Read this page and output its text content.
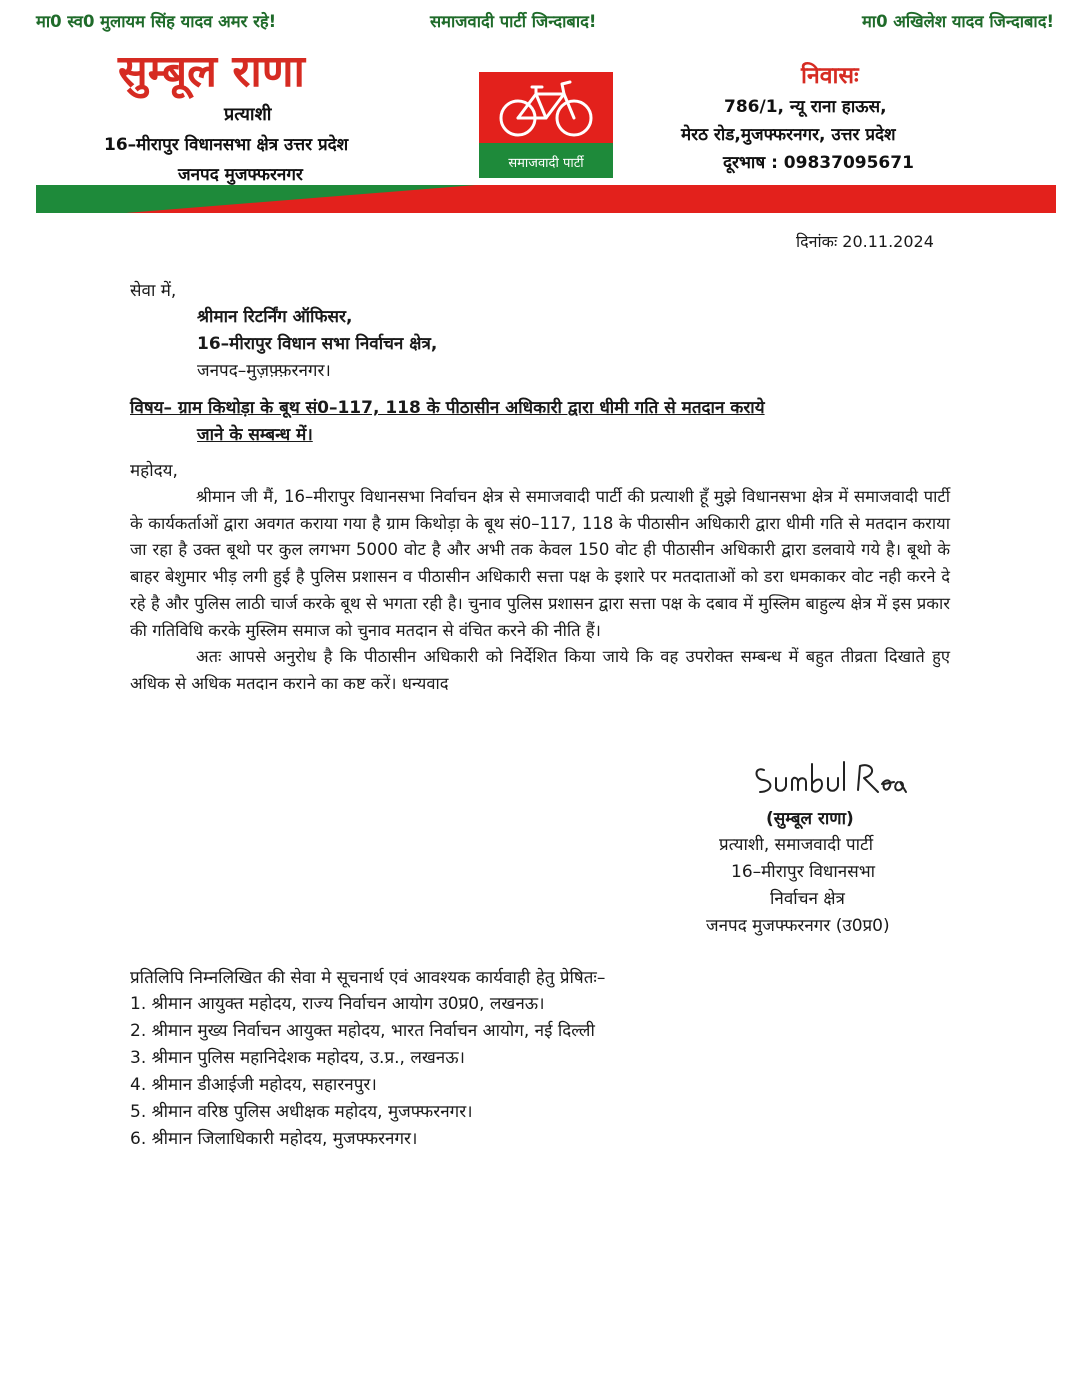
मा0 स्व0 मुलायम सिंह यादव अमर रहे!	समाजवादी पार्टी जिन्दाबाद!	मा0 अखिलेश यादव जिन्दाबाद!
सुम्बूल राणा
प्रत्याशी
16–मीरापुर विधानसभा क्षेत्र उत्तर प्रदेश
जनपद मुजफ्फरनगर
समाजवादी पार्टी
निवासः
786/1, न्यू राना हाऊस,
मेरठ रोड,मुजफ्फरनगर, उत्तर प्रदेश
दूरभाष : 09837095671
दिनांकः 20.11.2024
सेवा में,
श्रीमान रिटर्निंग ऑफिसर,
16–मीरापुर विधान सभा निर्वाचन क्षेत्र,
जनपद–मुज़फ़्फ़रनगर।
विषय– ग्राम किथोड़ा के बूथ सं0–117, 118 के पीठासीन अधिकारी द्वारा धीमी गति से मतदान कराये
जाने के सम्बन्ध में।
महोदय,

श्रीमान जी मैं, 16–मीरापुर विधानसभा निर्वाचन क्षेत्र से समाजवादी पार्टी की प्रत्याशी हूँ मुझे विधानसभा क्षेत्र में समाजवादी पार्टी के कार्यकर्ताओं द्वारा अवगत कराया गया है ग्राम किथोड़ा के बूथ सं0–117, 118 के पीठासीन अधिकारी द्वारा धीमी गति से मतदान कराया जा रहा है उक्त बूथो पर कुल लगभग 5000 वोट है और अभी तक केवल 150 वोट ही पीठासीन अधिकारी द्वारा डलवाये गये है। बूथो के बाहर बेशुमार भीड़ लगी हुई है पुलिस प्रशासन व पीठासीन अधिकारी सत्ता पक्ष के इशारे पर मतदाताओं को डरा धमकाकर वोट नही करने दे रहे है और पुलिस लाठी चार्ज करके बूथ से भगता रही है। चुनाव पुलिस प्रशासन द्वारा सत्ता पक्ष के दबाव में मुस्लिम बाहुल्य क्षेत्र में इस प्रकार की गतिविधि करके मुस्लिम समाज को चुनाव मतदान से वंचित करने की नीति हैं।

अतः आपसे अनुरोध है कि पीठासीन अधिकारी को निर्देशित किया जाये कि वह उपरोक्त सम्बन्ध में बहुत तीव्रता दिखाते हुए अधिक से अधिक मतदान कराने का कष्ट करें। धन्यवाद

(सुम्बूल राणा)
प्रत्याशी, समाजवादी पार्टी
16–मीरापुर विधानसभा
निर्वाचन क्षेत्र
जनपद मुजफ्फरनगर (उ0प्र0)
प्रतिलिपि निम्नलिखित की सेवा मे सूचनार्थ एवं आवश्यक कार्यवाही हेतु प्रेषितः–
1. श्रीमान आयुक्त महोदय, राज्य निर्वाचन आयोग उ0प्र0, लखनऊ।
2. श्रीमान मुख्य निर्वाचन आयुक्त महोदय, भारत निर्वाचन आयोग, नई दिल्ली
3. श्रीमान पुलिस महानिदेशक महोदय, उ.प्र., लखनऊ।
4. श्रीमान डीआईजी महोदय, सहारनपुर।
5. श्रीमान वरिष्ठ पुलिस अधीक्षक महोदय, मुजफ्फरनगर।
6. श्रीमान जिलाधिकारी महोदय, मुजफ्फरनगर।
